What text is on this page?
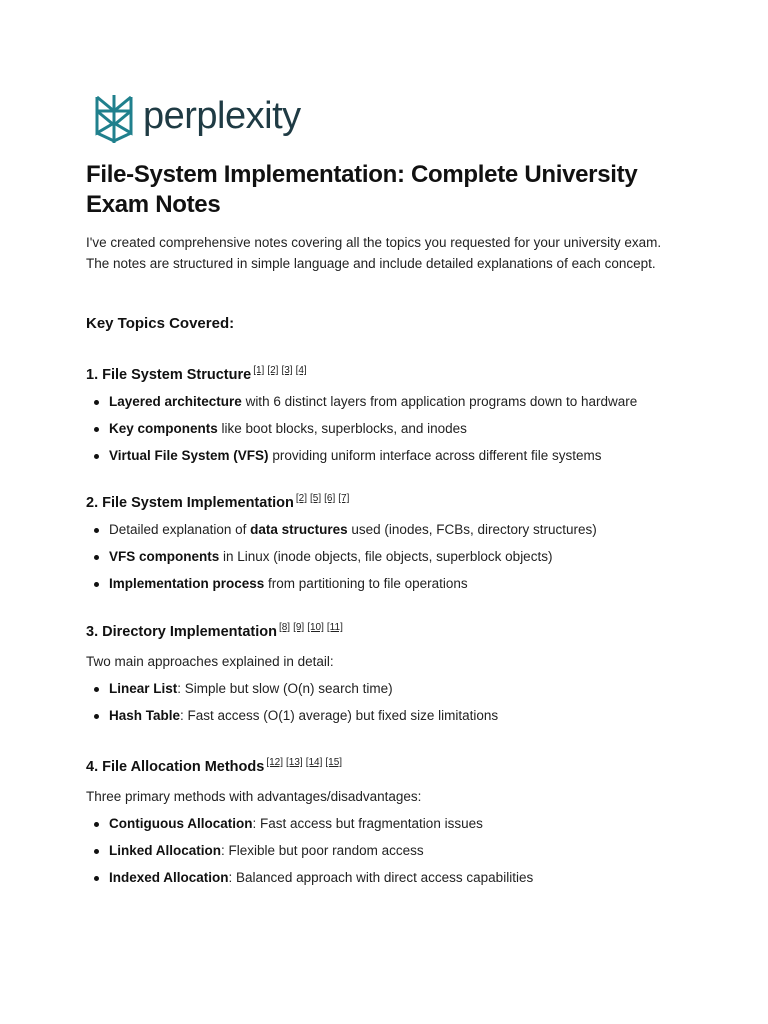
perplexity
File-System Implementation: Complete University Exam Notes

I've created comprehensive notes covering all the topics you requested for your university exam. The notes are structured in simple language and include detailed explanations of each concept.

Key Topics Covered:
1. File System Structure [1] [2] [3] [4]
Layered architecture with 6 distinct layers from application programs down to hardware
Key components like boot blocks, superblocks, and inodes
Virtual File System (VFS) providing uniform interface across different file systems
2. File System Implementation [2] [5] [6] [7]
Detailed explanation of data structures used (inodes, FCBs, directory structures)
VFS components in Linux (inode objects, file objects, superblock objects)
Implementation process from partitioning to file operations
3. Directory Implementation [8] [9] [10] [11]

Two main approaches explained in detail:

Linear List: Simple but slow (O(n) search time)
Hash Table: Fast access (O(1) average) but fixed size limitations
4. File Allocation Methods [12] [13] [14] [15]

Three primary methods with advantages/disadvantages:

Contiguous Allocation: Fast access but fragmentation issues
Linked Allocation: Flexible but poor random access
Indexed Allocation: Balanced approach with direct access capabilities
